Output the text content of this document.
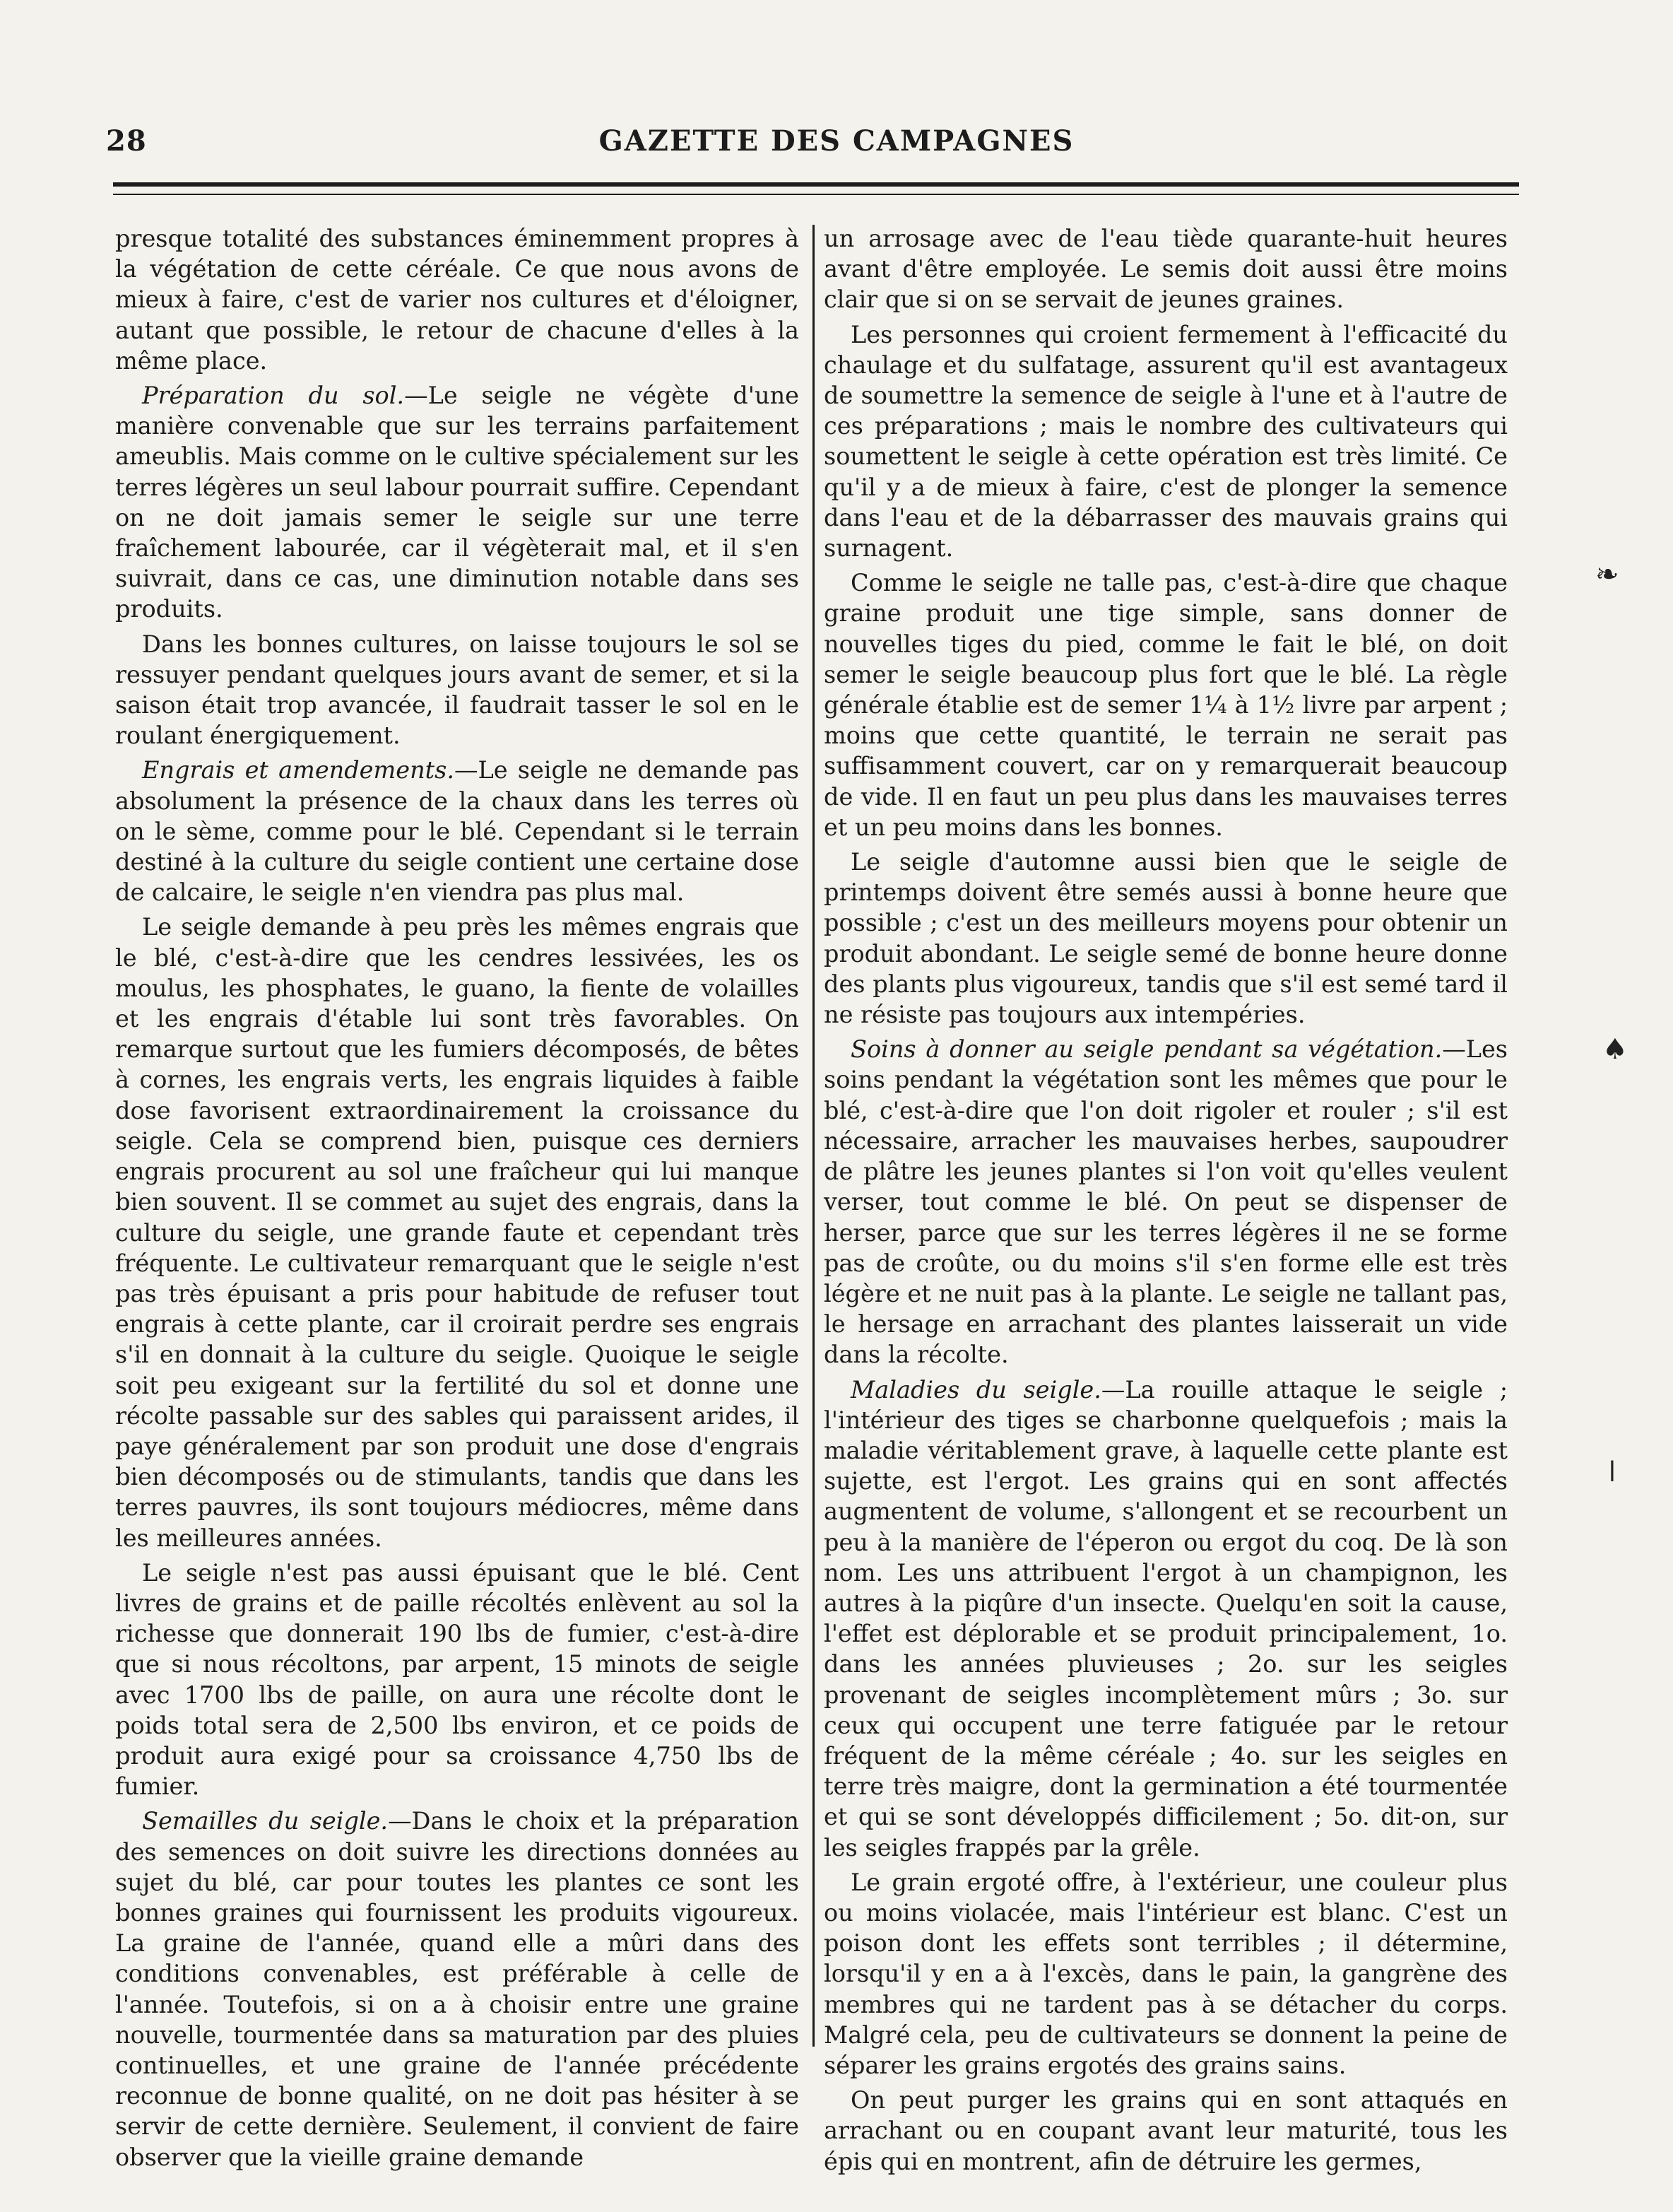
28	GAZETTE DES CAMPAGNES

presque totalité des substances éminemment propres à la végétation de cette céréale. Ce que nous avons de mieux à faire, c'est de varier nos cultures et d'éloigner, autant que possible, le retour de chacune d'elles à la même place.

Préparation du sol.—Le seigle ne végète d'une manière convenable que sur les terrains parfaitement ameublis. Mais comme on le cultive spécialement sur les terres légères un seul labour pourrait suffire. Cependant on ne doit jamais semer le seigle sur une terre fraîchement labourée, car il végèterait mal, et il s'en suivrait, dans ce cas, une diminution notable dans ses produits.

Dans les bonnes cultures, on laisse toujours le sol se ressuyer pendant quelques jours avant de semer, et si la saison était trop avancée, il faudrait tasser le sol en le roulant énergiquement.

Engrais et amendements.—Le seigle ne demande pas absolument la présence de la chaux dans les terres où on le sème, comme pour le blé. Cependant si le terrain destiné à la culture du seigle contient une certaine dose de calcaire, le seigle n'en viendra pas plus mal.

Le seigle demande à peu près les mêmes engrais que le blé, c'est-à-dire que les cendres lessivées, les os moulus, les phosphates, le guano, la fiente de volailles et les engrais d'étable lui sont très favorables. On remarque surtout que les fumiers décomposés, de bêtes à cornes, les engrais verts, les engrais liquides à faible dose favorisent extraordinairement la croissance du seigle. Cela se comprend bien, puisque ces derniers engrais procurent au sol une fraîcheur qui lui manque bien souvent. Il se commet au sujet des engrais, dans la culture du seigle, une grande faute et cependant très fréquente. Le cultivateur remarquant que le seigle n'est pas très épuisant a pris pour habitude de refuser tout engrais à cette plante, car il croirait perdre ses engrais s'il en donnait à la culture du seigle. Quoique le seigle soit peu exigeant sur la fertilité du sol et donne une récolte passable sur des sables qui paraissent arides, il paye généralement par son produit une dose d'engrais bien décomposés ou de stimulants, tandis que dans les terres pauvres, ils sont toujours médiocres, même dans les meilleures années.

Le seigle n'est pas aussi épuisant que le blé. Cent livres de grains et de paille récoltés enlèvent au sol la richesse que donnerait 190 lbs de fumier, c'est-à-dire que si nous récoltons, par arpent, 15 minots de seigle avec 1700 lbs de paille, on aura une récolte dont le poids total sera de 2,500 lbs environ, et ce poids de produit aura exigé pour sa croissance 4,750 lbs de fumier.

Semailles du seigle.—Dans le choix et la préparation des semences on doit suivre les directions données au sujet du blé, car pour toutes les plantes ce sont les bonnes graines qui fournissent les produits vigoureux. La graine de l'année, quand elle a mûri dans des conditions convenables, est préférable à celle de l'année. Toutefois, si on a à choisir entre une graine nouvelle, tourmentée dans sa maturation par des pluies continuelles, et une graine de l'année précédente reconnue de bonne qualité, on ne doit pas hésiter à se servir de cette dernière. Seulement, il convient de faire observer que la vieille graine demande

un arrosage avec de l'eau tiède quarante-huit heures avant d'être employée. Le semis doit aussi être moins clair que si on se servait de jeunes graines.

Les personnes qui croient fermement à l'efficacité du chaulage et du sulfatage, assurent qu'il est avantageux de soumettre la semence de seigle à l'une et à l'autre de ces préparations ; mais le nombre des cultivateurs qui soumettent le seigle à cette opération est très limité. Ce qu'il y a de mieux à faire, c'est de plonger la semence dans l'eau et de la débarrasser des mauvais grains qui surnagent.

Comme le seigle ne talle pas, c'est-à-dire que chaque graine produit une tige simple, sans donner de nouvelles tiges du pied, comme le fait le blé, on doit semer le seigle beaucoup plus fort que le blé. La règle générale établie est de semer 1¼ à 1½ livre par arpent ; moins que cette quantité, le terrain ne serait pas suffisamment couvert, car on y remarquerait beaucoup de vide. Il en faut un peu plus dans les mauvaises terres et un peu moins dans les bonnes.

Le seigle d'automne aussi bien que le seigle de printemps doivent être semés aussi à bonne heure que possible ; c'est un des meilleurs moyens pour obtenir un produit abondant. Le seigle semé de bonne heure donne des plants plus vigoureux, tandis que s'il est semé tard il ne résiste pas toujours aux intempéries.

Soins à donner au seigle pendant sa végétation.—Les soins pendant la végétation sont les mêmes que pour le blé, c'est-à-dire que l'on doit rigoler et rouler ; s'il est nécessaire, arracher les mauvaises herbes, saupoudrer de plâtre les jeunes plantes si l'on voit qu'elles veulent verser, tout comme le blé. On peut se dispenser de herser, parce que sur les terres légères il ne se forme pas de croûte, ou du moins s'il s'en forme elle est très légère et ne nuit pas à la plante. Le seigle ne tallant pas, le hersage en arrachant des plantes laisserait un vide dans la récolte.

Maladies du seigle.—La rouille attaque le seigle ; l'intérieur des tiges se charbonne quelquefois ; mais la maladie véritablement grave, à laquelle cette plante est sujette, est l'ergot. Les grains qui en sont affectés augmentent de volume, s'allongent et se recourbent un peu à la manière de l'éperon ou ergot du coq. De là son nom. Les uns attribuent l'ergot à un champignon, les autres à la piqûre d'un insecte. Quelqu'en soit la cause, l'effet est déplorable et se produit principalement, 1o. dans les années pluvieuses ; 2o. sur les seigles provenant de seigles incomplètement mûrs ; 3o. sur ceux qui occupent une terre fatiguée par le retour fréquent de la même céréale ; 4o. sur les seigles en terre très maigre, dont la germination a été tourmentée et qui se sont développés difficilement ; 5o. dit-on, sur les seigles frappés par la grêle.

Le grain ergoté offre, à l'extérieur, une couleur plus ou moins violacée, mais l'intérieur est blanc. C'est un poison dont les effets sont terribles ; il détermine, lorsqu'il y en a à l'excès, dans le pain, la gangrène des membres qui ne tardent pas à se détacher du corps. Malgré cela, peu de cultivateurs se donnent la peine de séparer les grains ergotés des grains sains.

On peut purger les grains qui en sont attaqués en arrachant ou en coupant avant leur maturité, tous les épis qui en montrent, afin de détruire les germes,

❧
♠
ǀ
